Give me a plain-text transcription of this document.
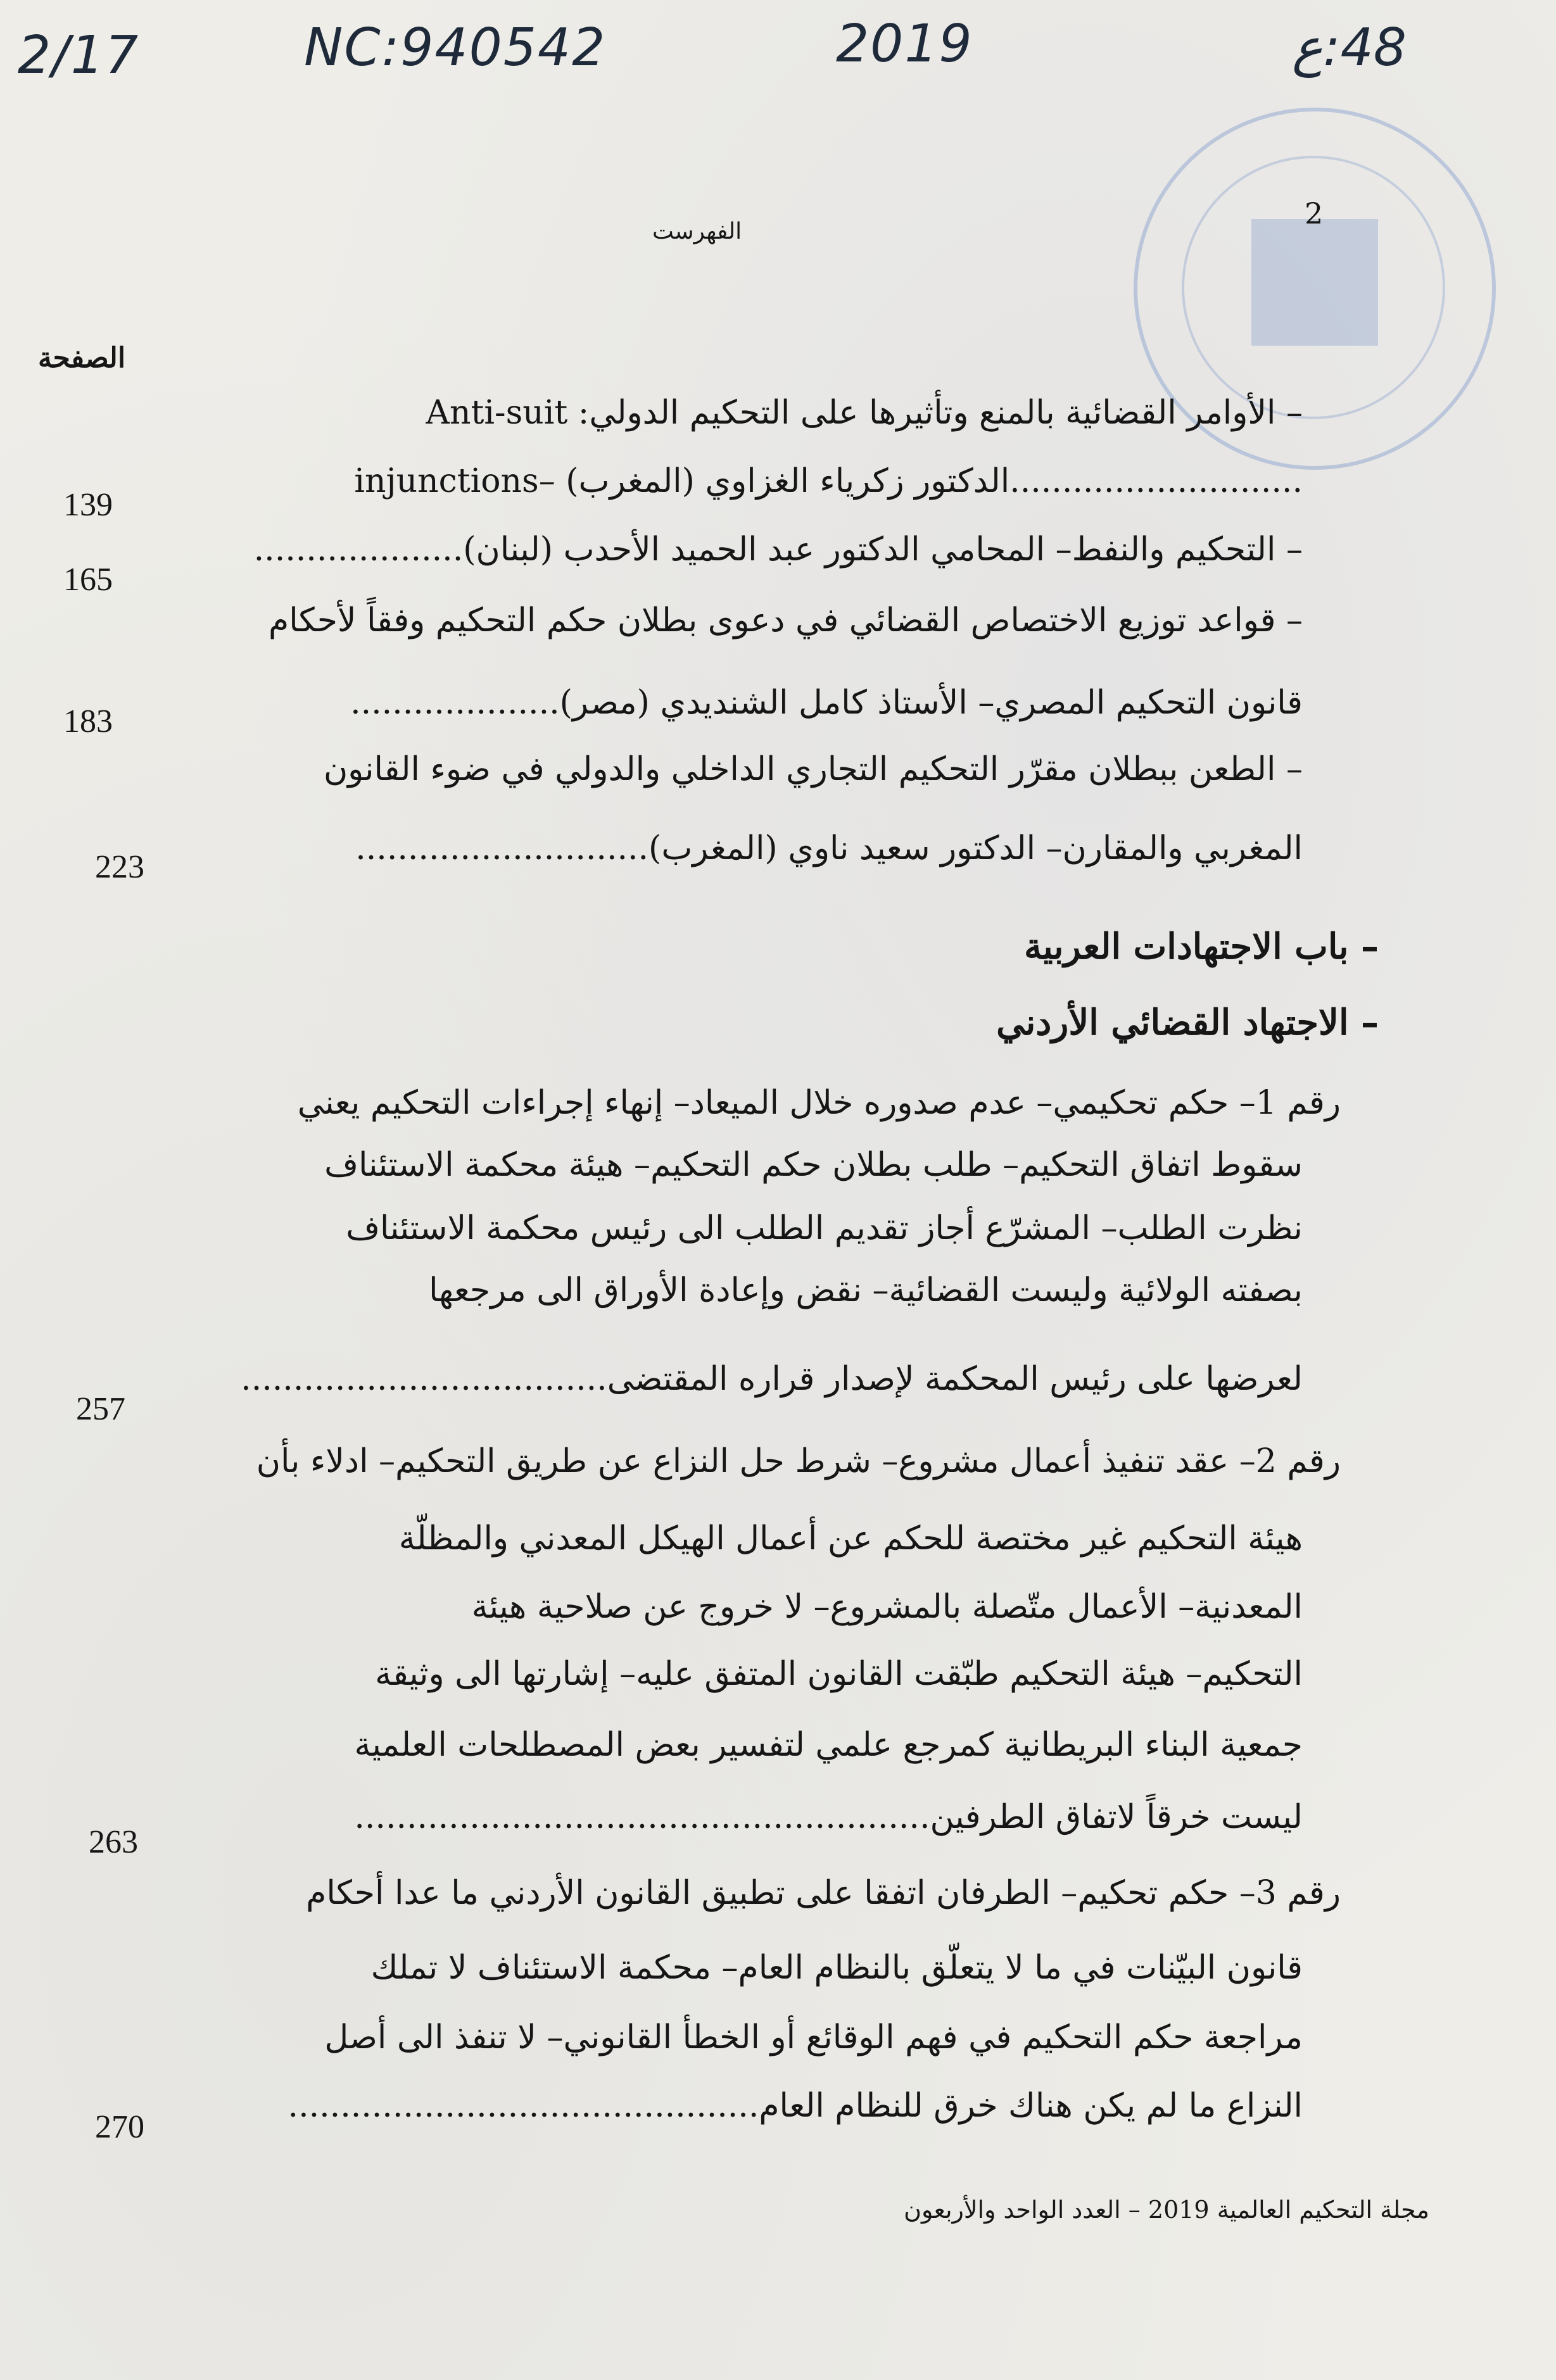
2/17	NC:940542	2019	48:ع
2
الفهرست
الصفحة
– الأوامر القضائية بالمنع وتأثيرها على التحكيم الدولي: Anti-suit
injunctions– الدكتور زكرياء الغزاوي (المغرب)............................
139
– التحكيم والنفط– المحامي الدكتور عبد الحميد الأحدب (لبنان)....................
165
– قواعد توزيع الاختصاص القضائي في دعوى بطلان حكم التحكيم وفقاً لأحكام
قانون التحكيم المصري– الأستاذ كامل الشنديدي (مصر)....................
183
– الطعن ببطلان مقرّر التحكيم التجاري الداخلي والدولي في ضوء القانون
المغربي والمقارن– الدكتور سعيد ناوي (المغرب)............................
223
– باب الاجتهادات العربية
– الاجتهاد القضائي الأردني
رقم 1– حكم تحكيمي– عدم صدوره خلال الميعاد– إنهاء إجراءات التحكيم يعني
سقوط اتفاق التحكيم– طلب بطلان حكم التحكيم– هيئة محكمة الاستئناف
نظرت الطلب– المشرّع أجاز تقديم الطلب الى رئيس محكمة الاستئناف
بصفته الولائية وليست القضائية– نقض وإعادة الأوراق الى مرجعها
لعرضها على رئيس المحكمة لإصدار قراره المقتضى...................................
257
رقم 2– عقد تنفيذ أعمال مشروع– شرط حل النزاع عن طريق التحكيم– ادلاء بأن
هيئة التحكيم غير مختصة للحكم عن أعمال الهيكل المعدني والمظلّة
المعدنية– الأعمال متّصلة بالمشروع– لا خروج عن صلاحية هيئة
التحكيم– هيئة التحكيم طبّقت القانون المتفق عليه– إشارتها الى وثيقة
جمعية البناء البريطانية كمرجع علمي لتفسير بعض المصطلحات العلمية
ليست خرقاً لاتفاق الطرفين.......................................................
263
رقم 3– حكم تحكيم– الطرفان اتفقا على تطبيق القانون الأردني ما عدا أحكام
قانون البيّنات في ما لا يتعلّق بالنظام العام– محكمة الاستئناف لا تملك
مراجعة حكم التحكيم في فهم الوقائع أو الخطأ القانوني– لا تنفذ الى أصل
النزاع ما لم يكن هناك خرق للنظام العام.............................................
270
مجلة التحكيم العالمية 2019 – العدد الواحد والأربعون
